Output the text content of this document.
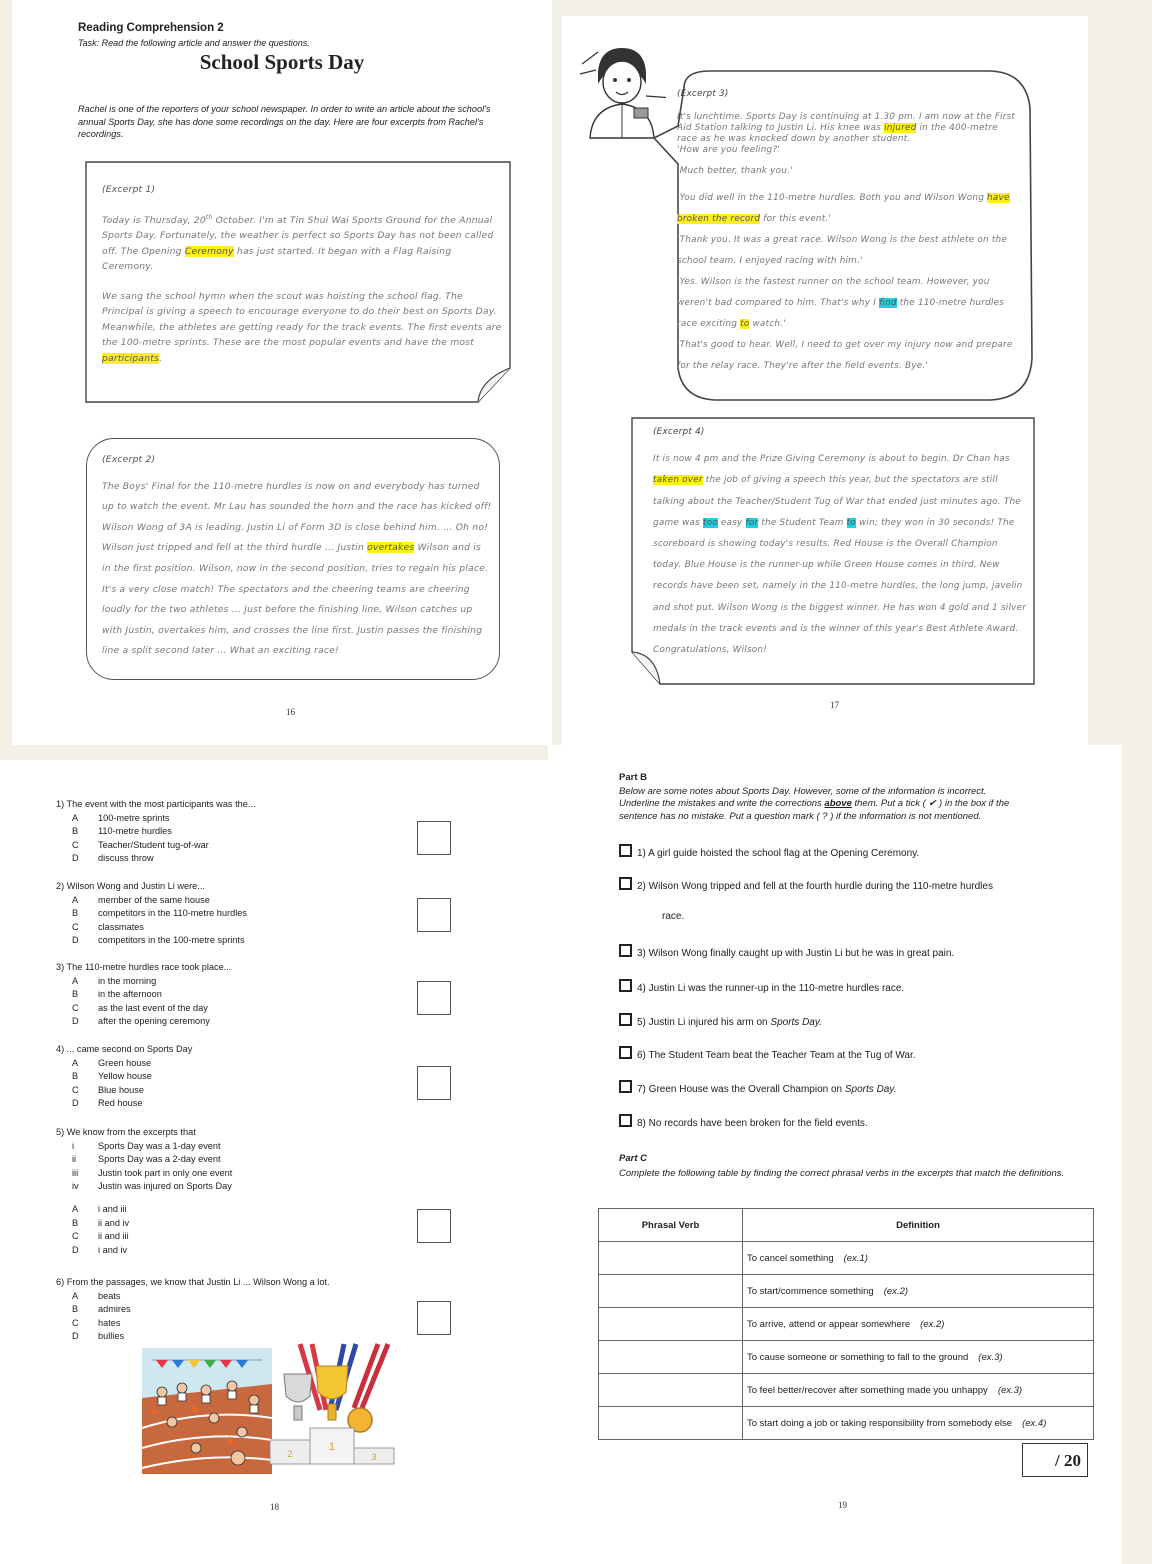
Reading Comprehension 2
Task: Read the following article and answer the questions.
School Sports Day
Rachel is one of the reporters of your school newspaper. In order to write an article about the school's annual Sports Day, she has done some recordings on the day. Here are four excerpts from Rachel's recordings.

(Excerpt 1)

Today is Thursday, 20th October. I'm at Tin Shui Wai Sports Ground for the Annual Sports Day. Fortunately, the weather is perfect so Sports Day has not been called off. The Opening Ceremony has just started. It began with a Flag Raising Ceremony.

We sang the school hymn when the scout was hoisting the school flag. The Principal is giving a speech to encourage everyone to do their best on Sports Day. Meanwhile, the athletes are getting ready for the track events. The first events are the 100-metre sprints. These are the most popular events and have the most participants.

(Excerpt 2)

The Boys' Final for the 110-metre hurdles is now on and everybody has turned up to watch the event. Mr Lau has sounded the horn and the race has kicked off! Wilson Wong of 3A is leading. Justin Li of Form 3D is close behind him. ... Oh no! Wilson just tripped and fell at the third hurdle ... Justin overtakes Wilson and is in the first position. Wilson, now in the second position, tries to regain his place. It's a very close match! The spectators and the cheering teams are cheering loudly for the two athletes ... Just before the finishing line, Wilson catches up with Justin, overtakes him, and crosses the line first. Justin passes the finishing line a split second later ... What an exciting race!

16

(Excerpt 3)

It's lunchtime. Sports Day is continuing at 1.30 pm. I am now at the First Aid Station talking to Justin Li. His knee was injured in the 400-metre race as he was knocked down by another student.

'How are you feeling?'

'Much better, thank you.'

'You did well in the 110-metre hurdles. Both you and Wilson Wong have broken the record for this event.'

'Thank you. It was a great race. Wilson Wong is the best athlete on the school team. I enjoyed racing with him.'

'Yes. Wilson is the fastest runner on the school team. However, you weren't bad compared to him. That's why I find the 110-metre hurdles race exciting to watch.'

'That's good to hear. Well, I need to get over my injury now and prepare for the relay race. They're after the field events. Bye.'

(Excerpt 4)

It is now 4 pm and the Prize Giving Ceremony is about to begin. Dr Chan has taken over the job of giving a speech this year, but the spectators are still talking about the Teacher/Student Tug of War that ended just minutes ago. The game was too easy for the Student Team to win; they won in 30 seconds! The scoreboard is showing today's results. Red House is the Overall Champion today. Blue House is the runner-up while Green House comes in third. New records have been set, namely in the 110-metre hurdles, the long jump, javelin and shot put. Wilson Wong is the biggest winner. He has won 4 gold and 1 silver medals in the track events and is the winner of this year's Best Athlete Award. Congratulations, Wilson!

17
1) The event with the most participants was the...
A	100-metre sprints
B	110-metre hurdles
C	Teacher/Student tug-of-war
D	discuss throw
2) Wilson Wong and Justin Li were...
A	member of the same house
B	competitors in the 110-metre hurdles
C	classmates
D	competitors in the 100-metre sprints
3) The 110-metre hurdles race took place...
A	in the morning
B	in the afternoon
C	as the last event of the day
D	after the opening ceremony
4) ... came second on Sports Day
A	Green house
B	Yellow house
C	Blue house
D	Red house
5) We know from the excerpts that
i	Sports Day was a 1-day event
ii	Sports Day was a 2-day event
iii	Justin took part in only one event
iv	Justin was injured on Sports Day
A	i and iii
B	ii and iv
C	ii and iii
D	i and iv
6) From the passages, we know that Justin Li ... Wilson Wong a lot.
A	beats
B	admires
C	hates
D	bullies
2
1
3
18
Part B
Below are some notes about Sports Day. However, some of the information is incorrect.
Underline the mistakes and write the corrections above them. Put a tick ( ✔ ) in the box if the
sentence has no mistake. Put a question mark ( ? ) if the information is not mentioned.
1) A girl guide hoisted the school flag at the Opening Ceremony.
2) Wilson Wong tripped and fell at the fourth hurdle during the 110-metre hurdles
race.
3) Wilson Wong finally caught up with Justin Li but he was in great pain.
4) Justin Li was the runner-up in the 110-metre hurdles race.
5) Justin Li injured his arm on Sports Day.
6) The Student Team beat the Teacher Team at the Tug of War.
7) Green House was the Overall Champion on Sports Day.
8) No records have been broken for the field events.
Part C
Complete the following table by finding the correct phrasal verbs in the excerpts that match the definitions.
Phrasal Verb	Definition
	To cancel something (ex.1)
	To start/commence something (ex.2)
	To arrive, attend or appear somewhere (ex.2)
	To cause someone or something to fall to the ground (ex.3)
	To feel better/recover after something made you unhappy (ex.3)
	To start doing a job or taking responsibility from somebody else (ex.4)
/ 20
19
